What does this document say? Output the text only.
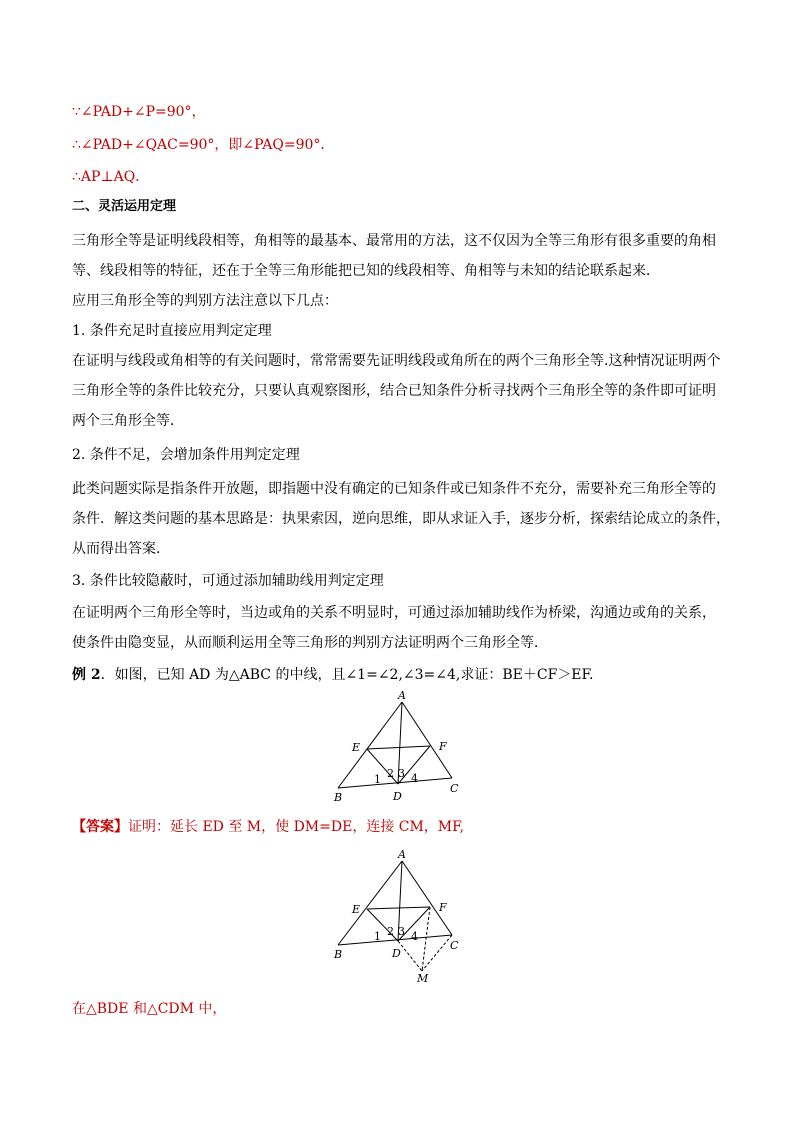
∵∠PAD+∠P=90°，
∴∠PAD+∠QAC=90°，即∠PAQ=90°．
∴AP⊥AQ．
二、灵活运用定理
三角形全等是证明线段相等，角相等的最基本、最常用的方法，这不仅因为全等三角形有很多重要的角相
等、线段相等的特征，还在于全等三角形能把已知的线段相等、角相等与未知的结论联系起来．
应用三角形全等的判别方法注意以下几点：
1. 条件充足时直接应用判定定理
在证明与线段或角相等的有关问题时，常常需要先证明线段或角所在的两个三角形全等.这种情况证明两个
三角形全等的条件比较充分，只要认真观察图形，结合已知条件分析寻找两个三角形全等的条件即可证明
两个三角形全等．
2. 条件不足，会增加条件用判定定理
此类问题实际是指条件开放题，即指题中没有确定的已知条件或已知条件不充分，需要补充三角形全等的
条件．解这类问题的基本思路是：执果索因，逆向思维，即从求证入手，逐步分析，探索结论成立的条件，
从而得出答案．
3. 条件比较隐蔽时，可通过添加辅助线用判定定理
在证明两个三角形全等时，当边或角的关系不明显时，可通过添加辅助线作为桥梁，沟通边或角的关系，
使条件由隐变显，从而顺利运用全等三角形的判别方法证明两个三角形全等．
例 2．如图，已知 AD 为△ABC 的中线，且∠1=∠2,∠3=∠4,求证：BE＋CF＞EF.
A
E	F
B	D
C
1 2 3 4
【答案】证明：延长 ED 至 M，使 DM=DE，连接 CM，MF,
A
E	F
B	D
C
M
1 2 3 4
在△BDE 和△CDM 中，
